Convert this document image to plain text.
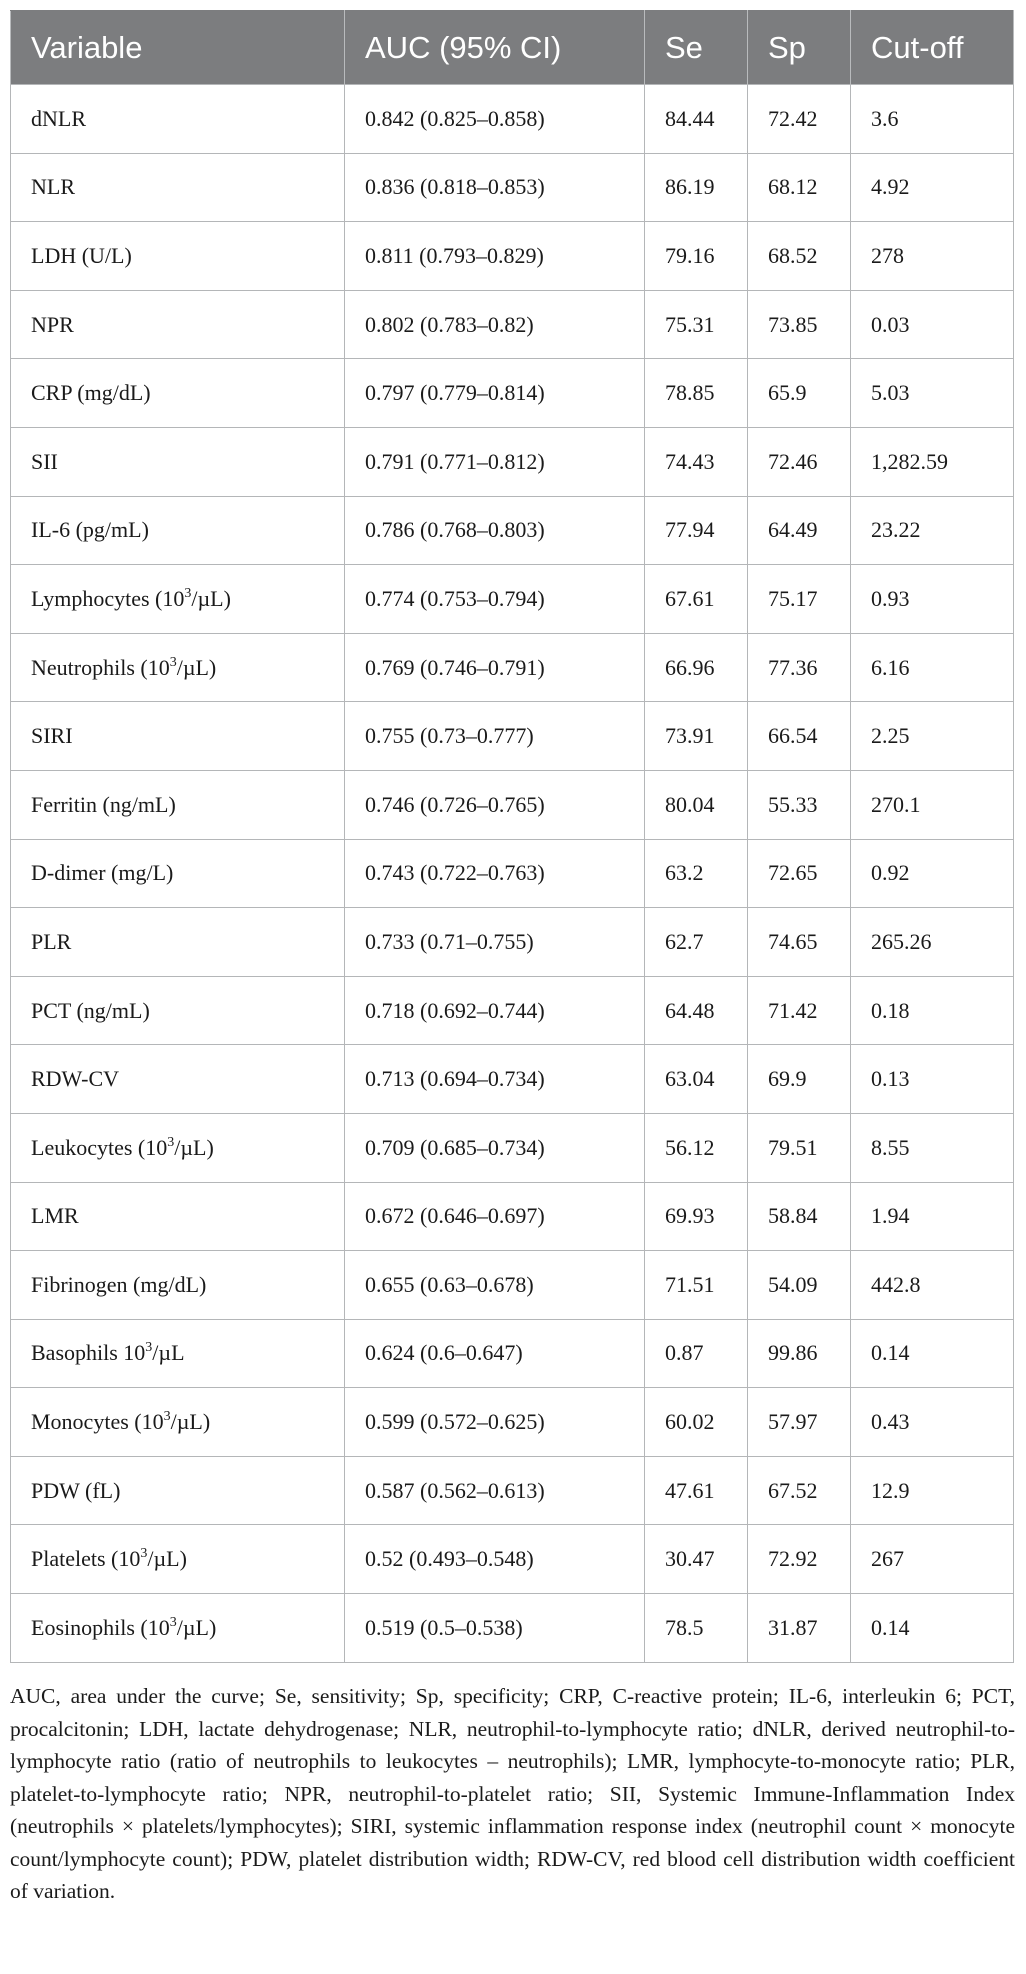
Variable	AUC (95% CI)	Se	Sp	Cut-off
dNLR	0.842 (0.825–0.858)	84.44	72.42	3.6
NLR	0.836 (0.818–0.853)	86.19	68.12	4.92
LDH (U/L)	0.811 (0.793–0.829)	79.16	68.52	278
NPR	0.802 (0.783–0.82)	75.31	73.85	0.03
CRP (mg/dL)	0.797 (0.779–0.814)	78.85	65.9	5.03
SII	0.791 (0.771–0.812)	74.43	72.46	1,282.59
IL-6 (pg/mL)	0.786 (0.768–0.803)	77.94	64.49	23.22
Lymphocytes $(10^3/\mu L)$	0.774 (0.753–0.794)	67.61	75.17	0.93
Neutrophils $(10^3/\mu L)$	0.769 (0.746–0.791)	66.96	77.36	6.16
SIRI	0.755 (0.73–0.777)	73.91	66.54	2.25
Ferritin (ng/mL)	0.746 (0.726–0.765)	80.04	55.33	270.1
D-dimer (mg/L)	0.743 (0.722–0.763)	63.2	72.65	0.92
PLR	0.733 (0.71–0.755)	62.7	74.65	265.26
PCT (ng/mL)	0.718 (0.692–0.744)	64.48	71.42	0.18
RDW-CV	0.713 (0.694–0.734)	63.04	69.9	0.13
Leukocytes $(10^3/\mu L)$	0.709 (0.685–0.734)	56.12	79.51	8.55
LMR	0.672 (0.646–0.697)	69.93	58.84	1.94
Fibrinogen (mg/dL)	0.655 (0.63–0.678)	71.51	54.09	442.8
Basophils $10^3/\mu L$	0.624 (0.6–0.647)	0.87	99.86	0.14
Monocytes $(10^3/\mu L)$	0.599 (0.572–0.625)	60.02	57.97	0.43
PDW (fL)	0.587 (0.562–0.613)	47.61	67.52	12.9
Platelets $(10^3/\mu L)$	0.52 (0.493–0.548)	30.47	72.92	267
Eosinophils $(10^3/\mu L)$	0.519 (0.5–0.538)	78.5	31.87	0.14

AUC, area under the curve; Se, sensitivity; Sp, specificity; CRP, C-reactive protein; IL-6, interleukin 6; PCT, procalcitonin; LDH, lactate dehydrogenase; NLR, neutrophil-to-lymphocyte ratio; dNLR, derived neutrophil-to-lymphocyte ratio (ratio of neutrophils to leukocytes – neutrophils); LMR, lymphocyte-to-monocyte ratio; PLR, platelet-to-lymphocyte ratio; NPR, neutrophil-to-platelet ratio; SII, Systemic Immune-Inflammation Index (neutrophils × platelets/lymphocytes); SIRI, systemic inflammation response index (neutrophil count × monocyte count/lymphocyte count); PDW, platelet distribution width; RDW-CV, red blood cell distribution width coefficient of variation.
